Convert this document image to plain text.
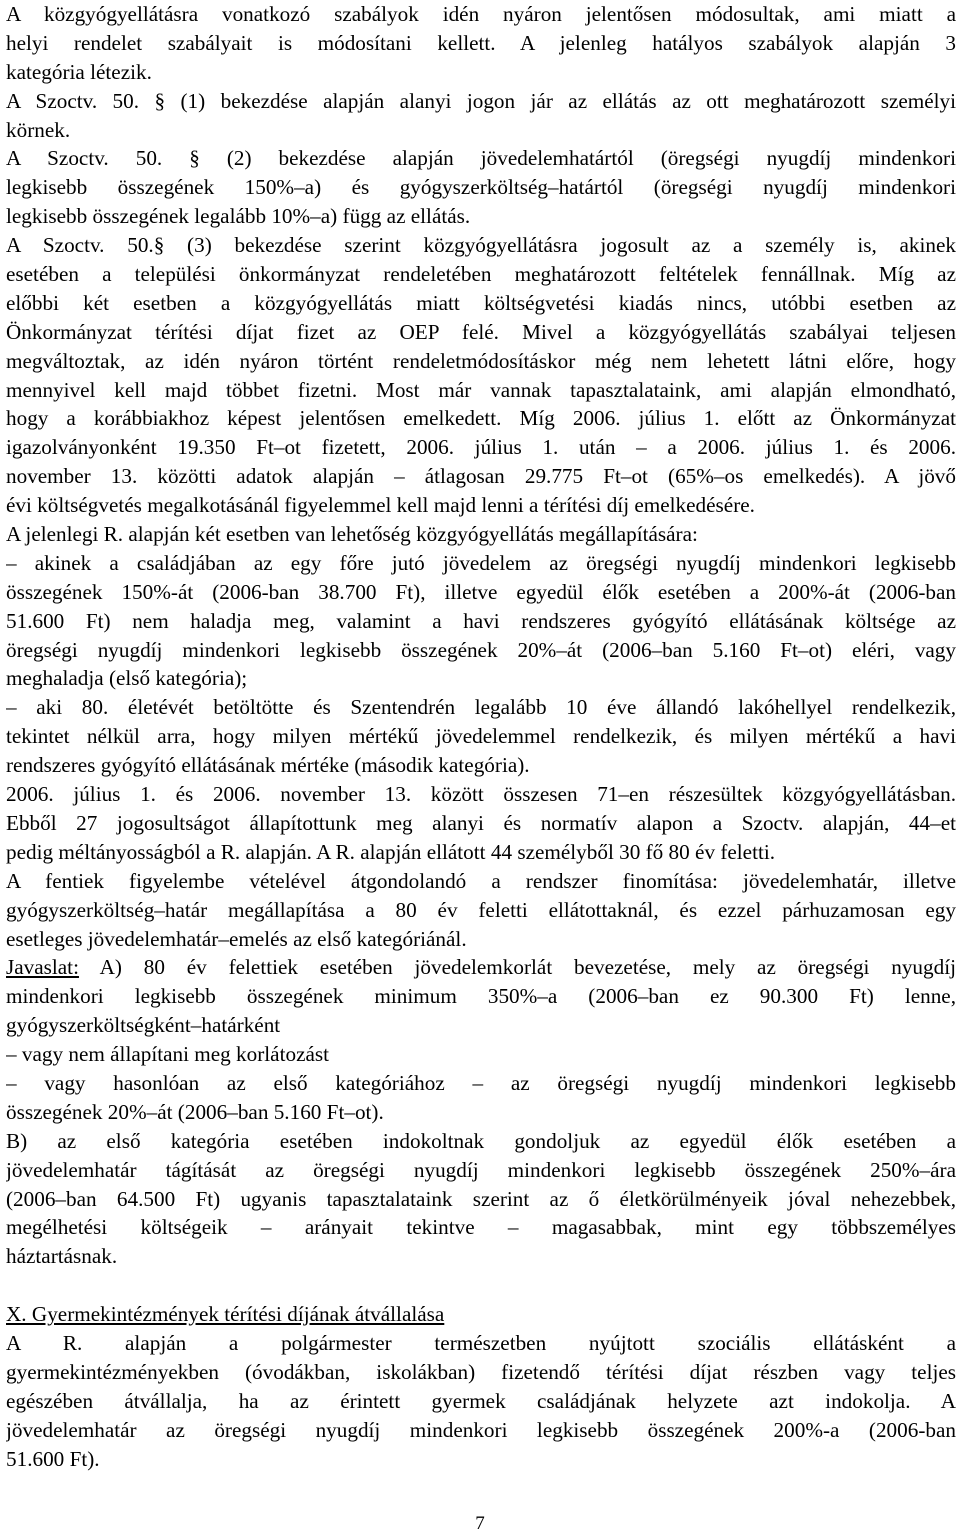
A közgyógyellátásra vonatkozó szabályok idén nyáron jelentősen módosultak, ami miatt a
helyi rendelet szabályait is módosítani kellett. A jelenleg hatályos szabályok alapján 3
kategória létezik.
A Szoctv. 50. § (1) bekezdése alapján alanyi jogon jár az ellátás az ott meghatározott személyi
körnek.
A Szoctv. 50. § (2) bekezdése alapján jövedelemhatártól (öregségi nyugdíj mindenkori
legkisebb összegének 150%–a) és gyógyszerköltség–határtól (öregségi nyugdíj mindenkori
legkisebb összegének legalább 10%–a) függ az ellátás.
A Szoctv. 50.§ (3) bekezdése szerint közgyógyellátásra jogosult az a személy is, akinek
esetében a települési önkormányzat rendeletében meghatározott feltételek fennállnak. Míg az
előbbi két esetben a közgyógyellátás miatt költségvetési kiadás nincs, utóbbi esetben az
Önkormányzat térítési díjat fizet az OEP felé. Mivel a közgyógyellátás szabályai teljesen
megváltoztak, az idén nyáron történt rendeletmódosításkor még nem lehetett látni előre, hogy
mennyivel kell majd többet fizetni. Most már vannak tapasztalataink, ami alapján elmondható,
hogy a korábbiakhoz képest jelentősen emelkedett. Míg 2006. július 1. előtt az Önkormányzat
igazolványonként 19.350 Ft–ot fizetett, 2006. július 1. után – a 2006. július 1. és 2006.
november 13. közötti adatok alapján – átlagosan 29.775 Ft–ot (65%–os emelkedés). A jövő
évi költségvetés megalkotásánál figyelemmel kell majd lenni a térítési díj emelkedésére.
A jelenlegi R. alapján két esetben van lehetőség közgyógyellátás megállapítására:
– akinek a családjában az egy főre jutó jövedelem az öregségi nyugdíj mindenkori legkisebb
összegének 150%-át (2006-ban 38.700 Ft), illetve egyedül élők esetében a 200%-át (2006-ban
51.600 Ft) nem haladja meg, valamint a havi rendszeres gyógyító ellátásának költsége az
öregségi nyugdíj mindenkori legkisebb összegének 20%–át (2006–ban 5.160 Ft–ot) eléri, vagy
meghaladja (első kategória);
– aki 80. életévét betöltötte és Szentendrén legalább 10 éve állandó lakóhellyel rendelkezik,
tekintet nélkül arra, hogy milyen mértékű jövedelemmel rendelkezik, és milyen mértékű a havi
rendszeres gyógyító ellátásának mértéke (második kategória).
2006. július 1. és 2006. november 13. között összesen 71–en részesültek közgyógyellátásban.
Ebből 27 jogosultságot állapítottunk meg alanyi és normatív alapon a Szoctv. alapján, 44–et
pedig méltányosságból a R. alapján. A R. alapján ellátott 44 személyből 30 fő 80 év feletti.
A fentiek figyelembe vételével átgondolandó a rendszer finomítása: jövedelemhatár, illetve
gyógyszerköltség–határ megállapítása a 80 év feletti ellátottaknál, és ezzel párhuzamosan egy
esetleges jövedelemhatár–emelés az első kategóriánál.
Javaslat: A) 80 év felettiek esetében jövedelemkorlát bevezetése, mely az öregségi nyugdíj
mindenkori legkisebb összegének minimum 350%–a (2006–ban ez 90.300 Ft) lenne,
gyógyszerköltségként–határként
– vagy nem állapítani meg korlátozást
– vagy hasonlóan az első kategóriához – az öregségi nyugdíj mindenkori legkisebb
összegének 20%–át (2006–ban 5.160 Ft–ot).
B) az első kategória esetében indokoltnak gondoljuk az egyedül élők esetében a
jövedelemhatár tágítását az öregségi nyugdíj mindenkori legkisebb összegének 250%–ára
(2006–ban 64.500 Ft) ugyanis tapasztalataink szerint az ő életkörülményeik jóval nehezebbek,
megélhetési költségeik – arányait tekintve – magasabbak, mint egy többszemélyes
háztartásnak.
X. Gyermekintézmények térítési díjának átvállalása
A R. alapján a polgármester természetben nyújtott szociális ellátásként a
gyermekintézményekben (óvodákban, iskolákban) fizetendő térítési díjat részben vagy teljes
egészében átvállalja, ha az érintett gyermek családjának helyzete azt indokolja. A
jövedelemhatár az öregségi nyugdíj mindenkori legkisebb összegének 200%-a (2006-ban
51.600 Ft).
7
